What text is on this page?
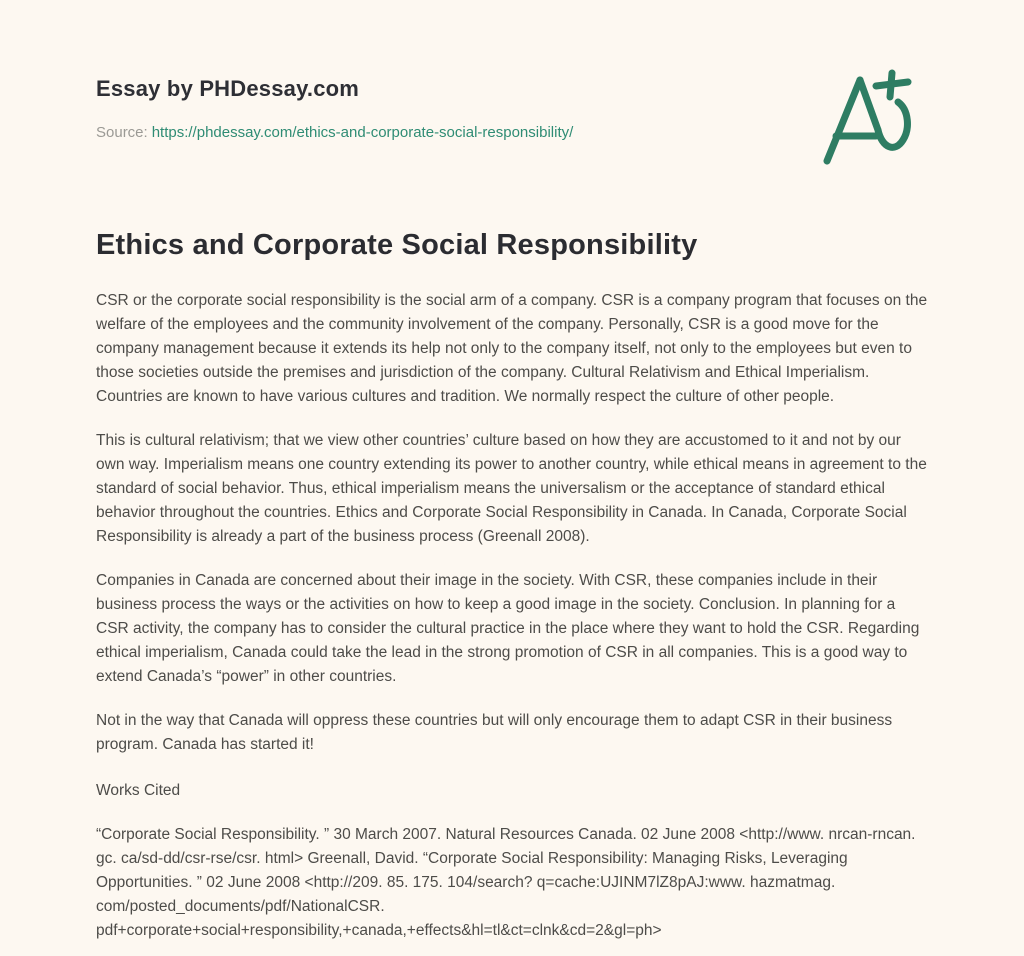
Essay by PHDessay.com
Source: https://phdessay.com/ethics-and-corporate-social-responsibility/
Ethics and Corporate Social Responsibility

CSR or the corporate social responsibility is the social arm of a company. CSR is a company program that focuses on the welfare of the employees and the community involvement of the company. Personally, CSR is a good move for the company management because it extends its help not only to the company itself, not only to the employees but even to those societies outside the premises and jurisdiction of the company. Cultural Relativism and Ethical Imperialism. Countries are known to have various cultures and tradition. We normally respect the culture of other people.

This is cultural relativism; that we view other countries’ culture based on how they are accustomed to it and not by our own way. Imperialism means one country extending its power to another country, while ethical means in agreement to the standard of social behavior. Thus, ethical imperialism means the universalism or the acceptance of standard ethical behavior throughout the countries. Ethics and Corporate Social Responsibility in Canada. In Canada, Corporate Social Responsibility is already a part of the business process (Greenall 2008).

Companies in Canada are concerned about their image in the society. With CSR, these companies include in their business process the ways or the activities on how to keep a good image in the society. Conclusion. In planning for a CSR activity, the company has to consider the cultural practice in the place where they want to hold the CSR. Regarding ethical imperialism, Canada could take the lead in the strong promotion of CSR in all companies. This is a good way to extend Canada’s “power” in other countries.

Not in the way that Canada will oppress these countries but will only encourage them to adapt CSR in their business program. Canada has started it!

Works Cited

“Corporate Social Responsibility. ” 30 March 2007. Natural Resources Canada. 02 June 2008 <http://www. nrcan-rncan. gc. ca/sd-dd/csr-rse/csr. html> Greenall, David. “Corporate Social Responsibility: Managing Risks, Leveraging Opportunities. ” 02 June 2008 <http://209. 85. 175. 104/search? q=cache:UJINM7lZ8pAJ:www. hazmatmag. com/posted_documents/pdf/NationalCSR. pdf+corporate+social+responsibility,+canada,+effects&hl=tl&ct=clnk&cd=2&gl=ph>
